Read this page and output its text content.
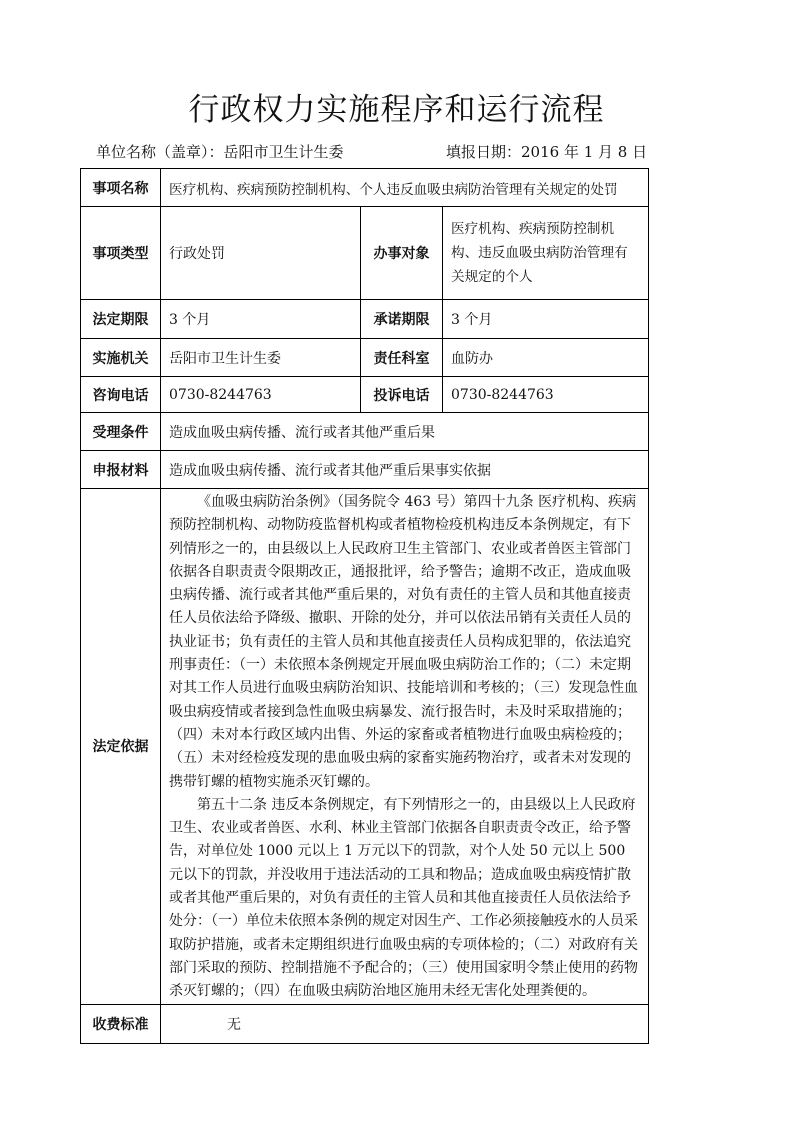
行政权力实施程序和运行流程
单位名称（盖章）：岳阳市卫生计生委	填报日期：2016 年 1 月 8 日
事项名称	医疗机构、疾病预防控制机构、个人违反血吸虫病防治管理有关规定的处罚		
事项类型	行政处罚	办事对象	医疗机构、疾病预防控制机构、违反血吸虫病防治管理有关规定的个人
法定期限	3 个月	承诺期限	3 个月
实施机关	岳阳市卫生计生委	责任科室	血防办
咨询电话	0730-8244763	投诉电话	0730-8244763
受理条件	造成血吸虫病传播、流行或者其他严重后果		
申报材料	造成血吸虫病传播、流行或者其他严重后果事实依据		
法定依据	《血吸虫病防治条例》（国务院令 463 号）第四十九条 医疗机构、疾病预防控制机构、动物防疫监督机构或者植物检疫机构违反本条例规定，有下列情形之一的，由县级以上人民政府卫生主管部门、农业或者兽医主管部门依据各自职责责令限期改正，通报批评，给予警告；逾期不改正，造成血吸虫病传播、流行或者其他严重后果的，对负有责任的主管人员和其他直接责任人员依法给予降级、撤职、开除的处分，并可以依法吊销有关责任人员的执业证书；负有责任的主管人员和其他直接责任人员构成犯罪的，依法追究刑事责任：（一）未依照本条例规定开展血吸虫病防治工作的；（二）未定期对其工作人员进行血吸虫病防治知识、技能培训和考核的；（三）发现急性血吸虫病疫情或者接到急性血吸虫病暴发、流行报告时，未及时采取措施的；（四）未对本行政区域内出售、外运的家畜或者植物进行血吸虫病检疫的；（五）未对经检疫发现的患血吸虫病的家畜实施药物治疗，或者未对发现的携带钉螺的植物实施杀灭钉螺的。

第五十二条 违反本条例规定，有下列情形之一的，由县级以上人民政府卫生、农业或者兽医、水利、林业主管部门依据各自职责责令改正，给予警告，对单位处 1000 元以上 1 万元以下的罚款，对个人处 50 元以上 500 元以下的罚款，并没收用于违法活动的工具和物品；造成血吸虫病疫情扩散或者其他严重后果的，对负有责任的主管人员和其他直接责任人员依法给予处分：（一）单位未依照本条例的规定对因生产、工作必须接触疫水的人员采取防护措施，或者未定期组织进行血吸虫病的专项体检的；（二）对政府有关部门采取的预防、控制措施不予配合的；（三）使用国家明令禁止使用的药物杀灭钉螺的；（四）在血吸虫病防治地区施用未经无害化处理粪便的。		

收费标准	无		
